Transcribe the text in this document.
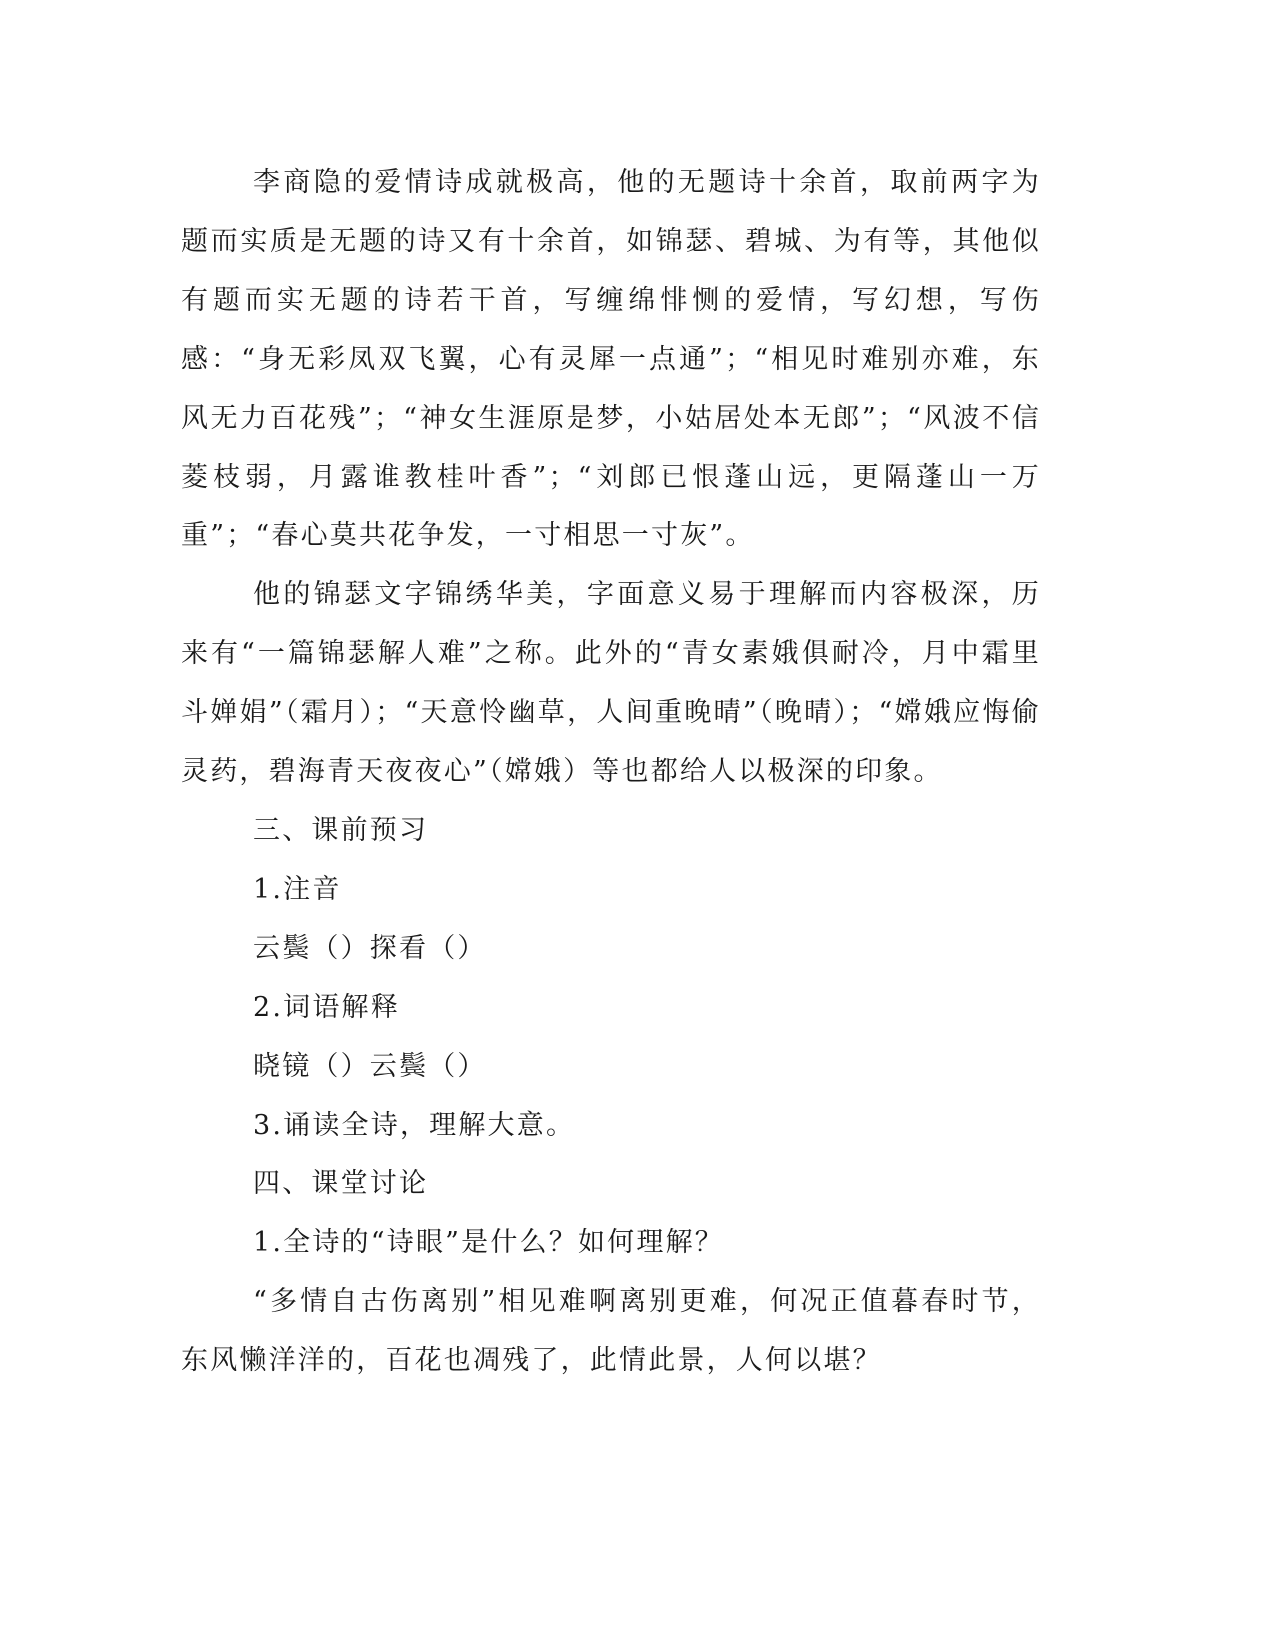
李商隐的爱情诗成就极高，他的无题诗十余首，取前两字为题而实质是无题的诗又有十余首，如锦瑟、碧城、为有等，其他似有题而实无题的诗若干首，写缠绵悱恻的爱情，写幻想，写伤感：“身无彩凤双飞翼，心有灵犀一点通”；“相见时难别亦难，东风无力百花残”；“神女生涯原是梦，小姑居处本无郎”；“风波不信菱枝弱，月露谁教桂叶香”；“刘郎已恨蓬山远，更隔蓬山一万重”；“春心莫共花争发，一寸相思一寸灰”。

他的锦瑟文字锦绣华美，字面意义易于理解而内容极深，历来有“一篇锦瑟解人难”之称。此外的“青女素娥俱耐冷，月中霜里斗婵娟”（霜月）；“天意怜幽草，人间重晚晴”（晚晴）；“嫦娥应悔偷灵药，碧海青天夜夜心”（嫦娥）等也都给人以极深的印象。

三、课前预习
1.注音
云鬓（）探看（）
2.词语解释
晓镜（）云鬓（）
3.诵读全诗，理解大意。
四、课堂讨论
1.全诗的“诗眼”是什么？如何理解？

“多情自古伤离别”相见难啊离别更难，何况正值暮春时节，东风懒洋洋的，百花也凋残了，此情此景，人何以堪？
